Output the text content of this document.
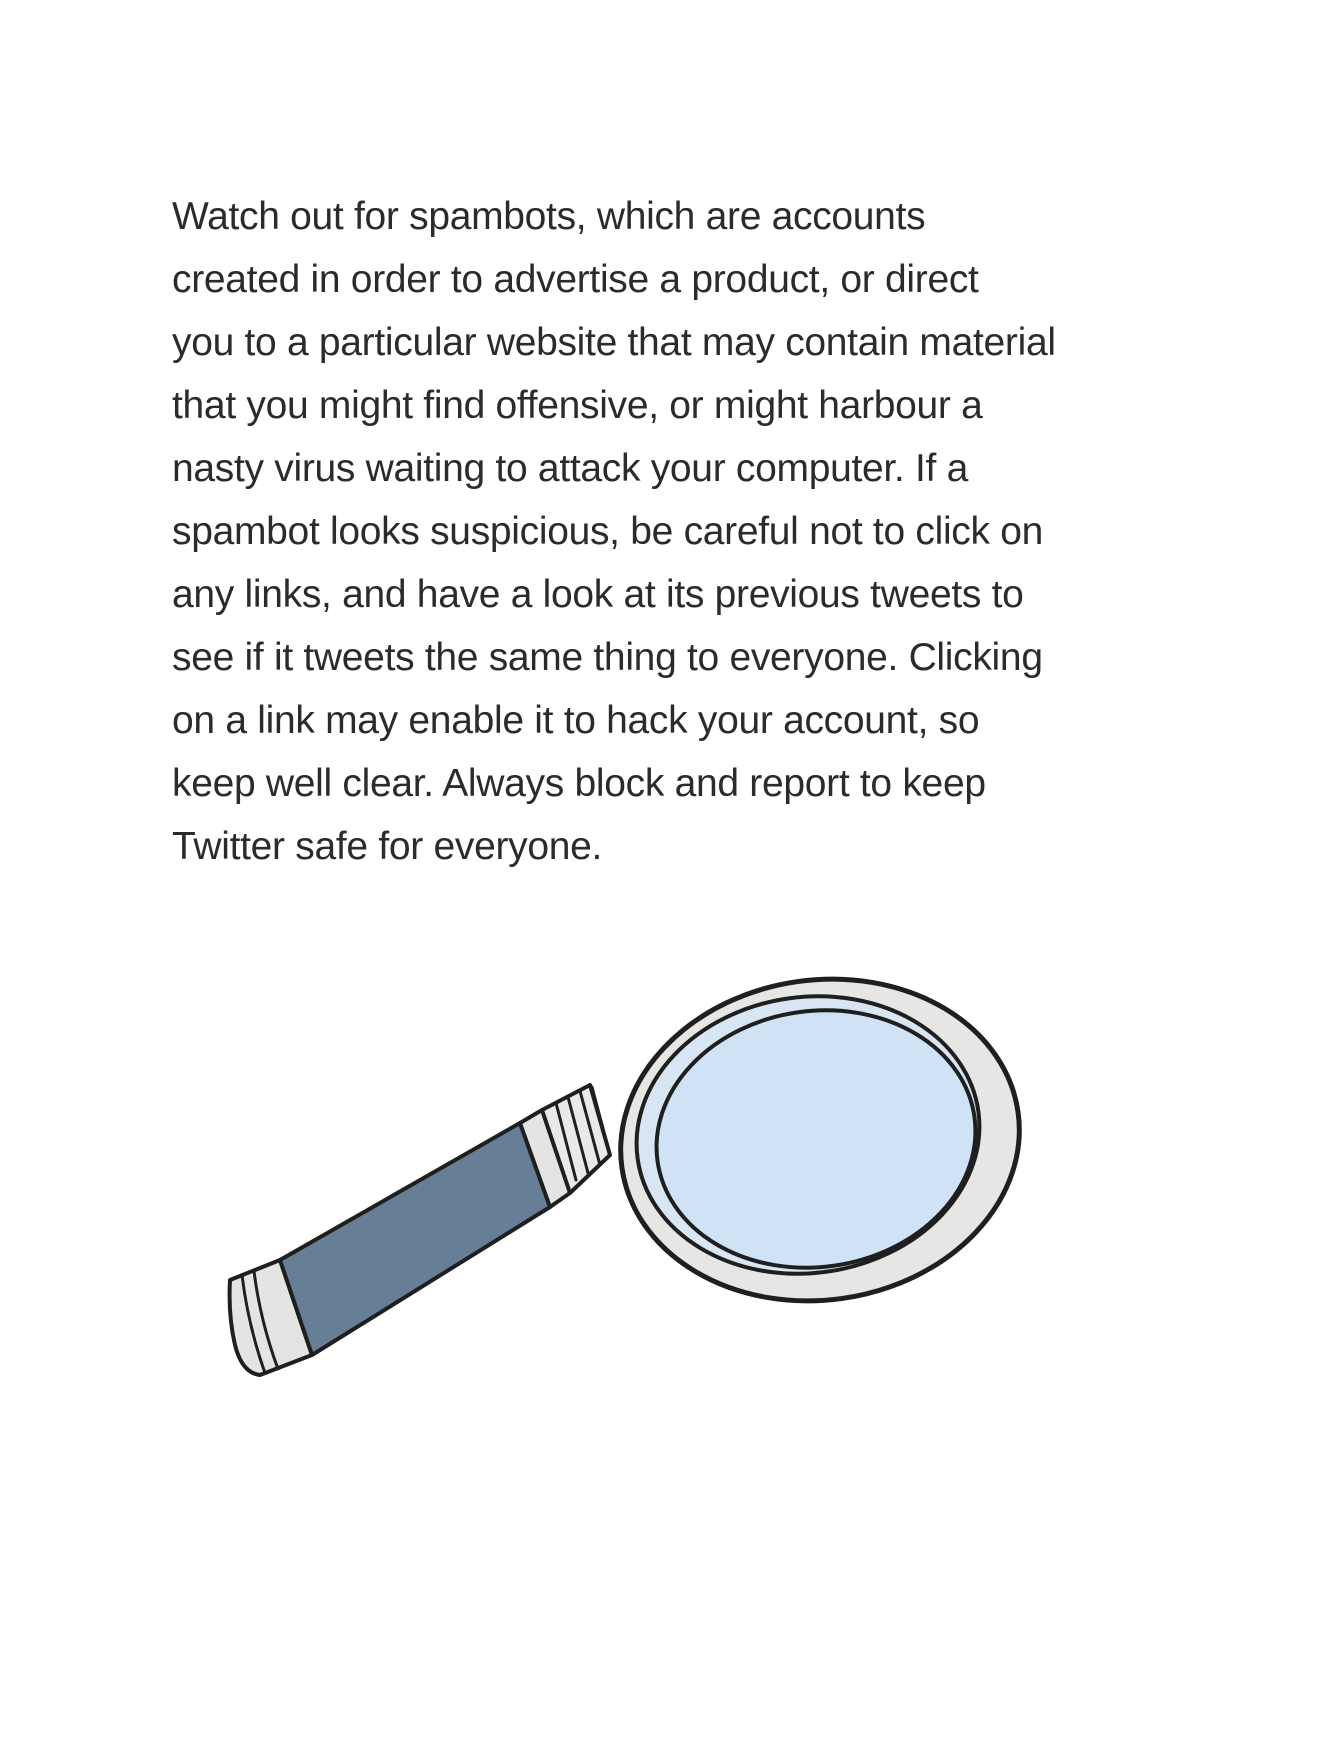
Watch out for spambots, which are accounts
created in order to advertise a product, or direct
you to a particular website that may contain material
that you might find offensive, or might harbour a
nasty virus waiting to attack your computer. If a
spambot looks suspicious, be careful not to click on
any links, and have a look at its previous tweets to
see if it tweets the same thing to everyone. Clicking
on a link may enable it to hack your account, so
keep well clear. Always block and report to keep
Twitter safe for everyone.
